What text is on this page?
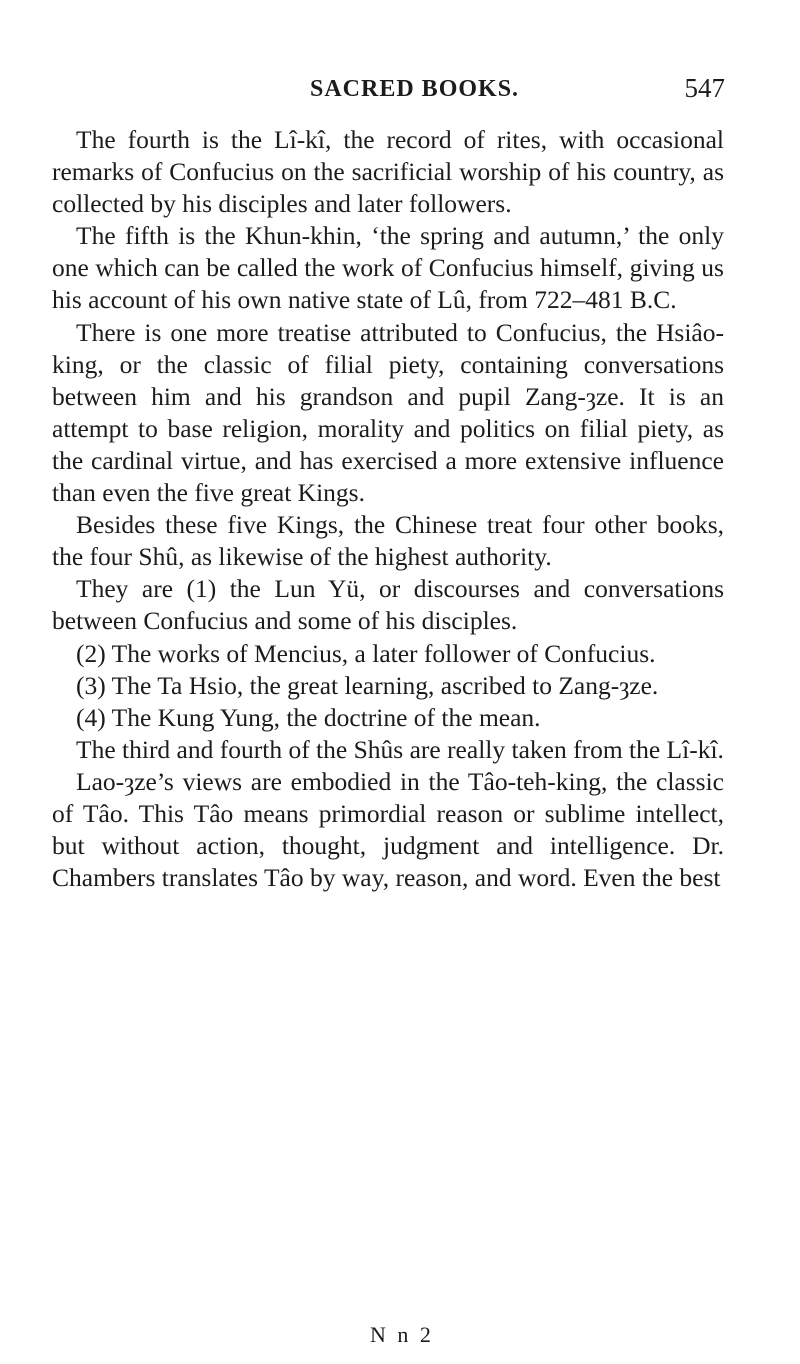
SACRED BOOKS.	547

The fourth is the Lî-kî, the record of rites, with occasional remarks of Confucius on the sacrificial worship of his country, as collected by his disciples and later followers.

The fifth is the Khun-khin, ‘the spring and autumn,’ the only one which can be called the work of Confucius himself, giving us his account of his own native state of Lû, from 722–481 B.C.

There is one more treatise attributed to Confucius, the Hsiâo-king, or the classic of filial piety, containing conversations between him and his grandson and pupil Zang-ȝze. It is an attempt to base religion, morality and politics on filial piety, as the cardinal virtue, and has exercised a more extensive influence than even the five great Kings.

Besides these five Kings, the Chinese treat four other books, the four Shû, as likewise of the highest authority.

They are (1) the Lun Yü, or discourses and conversations between Confucius and some of his disciples.

(2) The works of Mencius, a later follower of Confucius.

(3) The Ta Hsio, the great learning, ascribed to Zang-ȝze.

(4) The Kung Yung, the doctrine of the mean.

The third and fourth of the Shûs are really taken from the Lî-kî.

Lao-ȝze’s views are embodied in the Tâo-teh-king, the classic of Tâo. This Tâo means primordial reason or sublime intellect, but without action, thought, judgment and intelligence. Dr. Chambers translates Tâo by way, reason, and word. Even the best

N n 2
